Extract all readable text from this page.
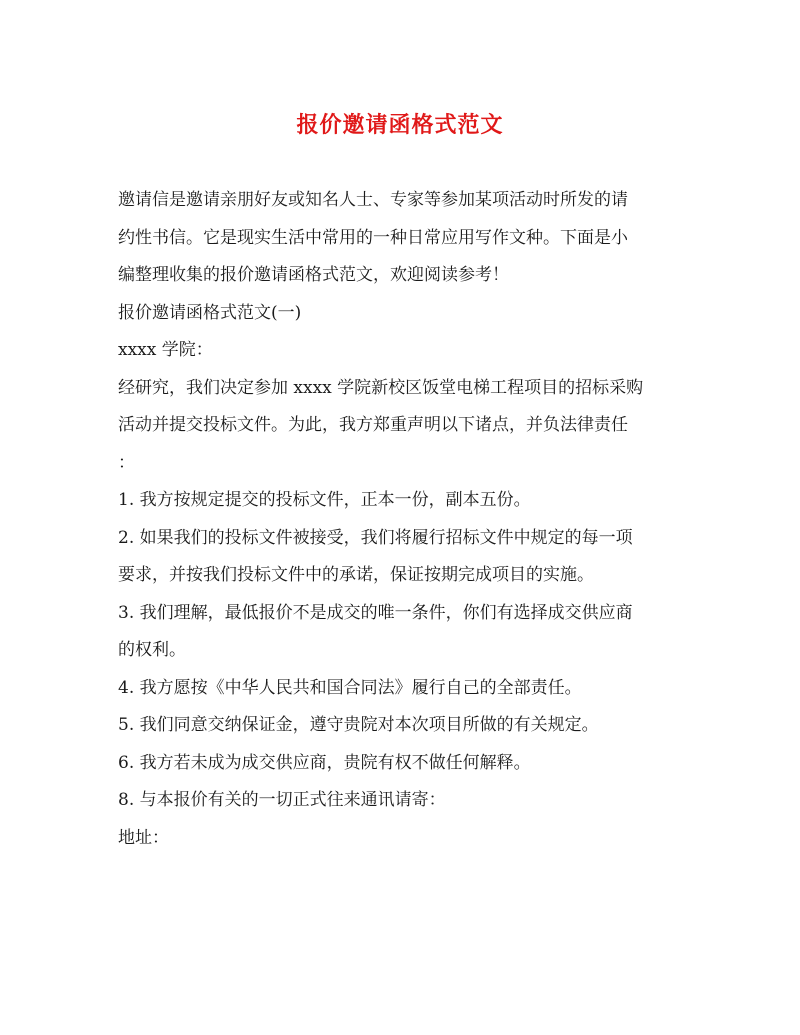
报价邀请函格式范文

邀请信是邀请亲朋好友或知名人士、专家等参加某项活动时所发的请

约性书信。它是现实生活中常用的一种日常应用写作文种。下面是小

编整理收集的报价邀请函格式范文，欢迎阅读参考！

报价邀请函格式范文(一)

xxxx 学院：

经研究，我们决定参加 xxxx 学院新校区饭堂电梯工程项目的招标采购

活动并提交投标文件。为此，我方郑重声明以下诸点，并负法律责任

：

1. 我方按规定提交的投标文件，正本一份，副本五份。

2. 如果我们的投标文件被接受，我们将履行招标文件中规定的每一项

要求，并按我们投标文件中的承诺，保证按期完成项目的实施。

3. 我们理解，最低报价不是成交的唯一条件，你们有选择成交供应商

的权利。

4. 我方愿按《中华人民共和国合同法》履行自己的全部责任。

5. 我们同意交纳保证金，遵守贵院对本次项目所做的有关规定。

6. 我方若未成为成交供应商，贵院有权不做任何解释。

8. 与本报价有关的一切正式往来通讯请寄：

地址：
